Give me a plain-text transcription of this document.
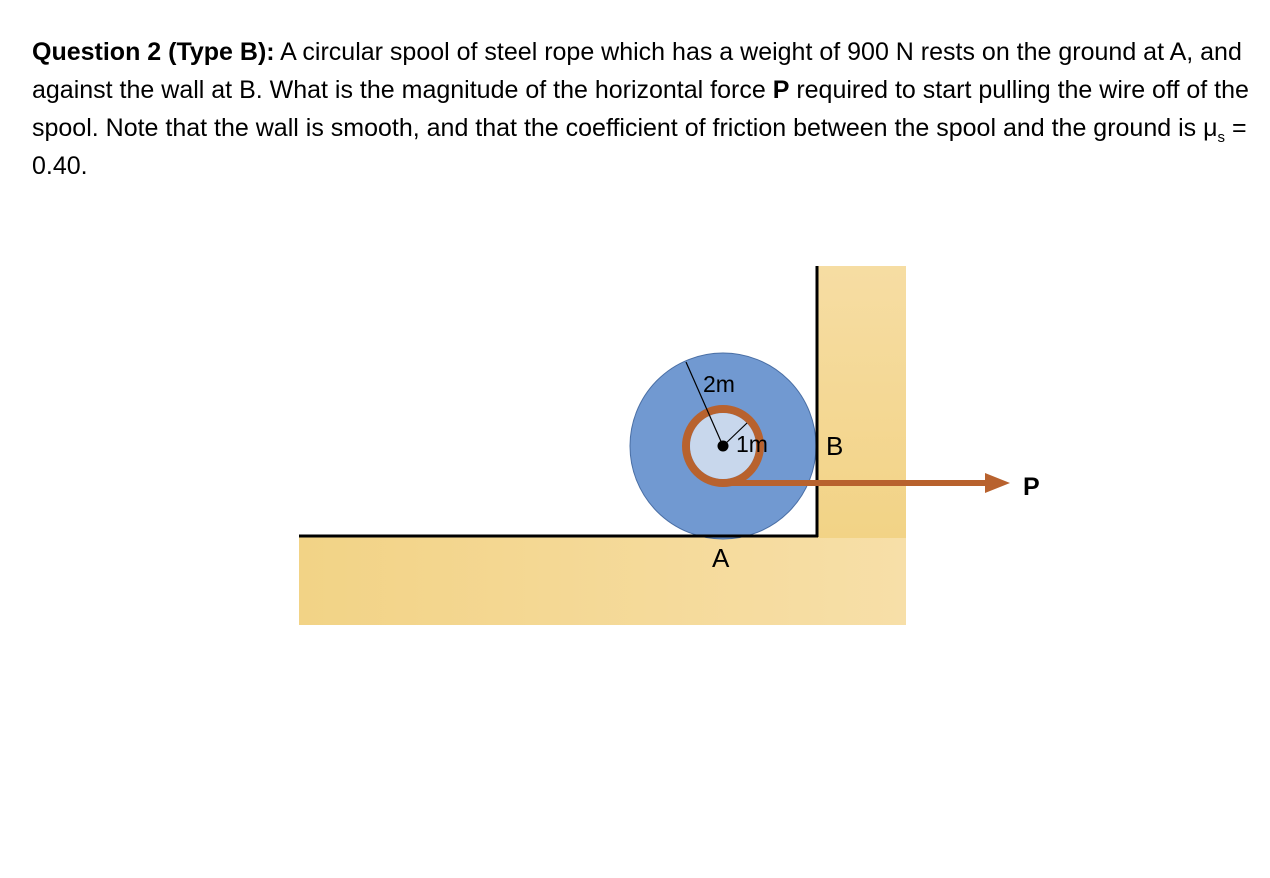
Question 2 (Type B): A circular spool of steel rope which has a weight of 900 N rests on the ground at A, and against the wall at B. What is the magnitude of the horizontal force P required to start pulling the wire off of the spool. Note that the wall is smooth, and that the coefficient of friction between the spool and the ground is $\mu_s = 0.40$.

2m
1m B
A
P
